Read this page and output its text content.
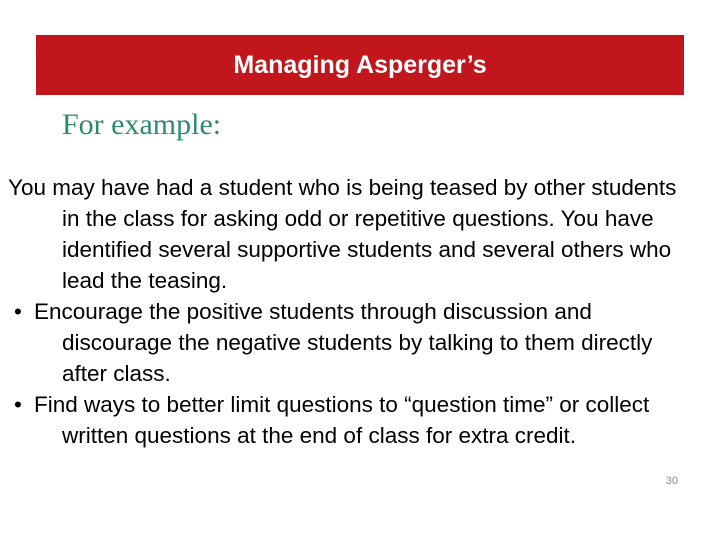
Managing Asperger’s
For example:

You may have had a student who is being teased by other students in the class for asking odd or repetitive questions. You have identified several supportive students and several others who lead the teasing.

• Encourage the positive students through discussion and discourage the negative students by talking to them directly after class.

• Find ways to better limit questions to “question time” or collect written questions at the end of class for extra credit.

30
